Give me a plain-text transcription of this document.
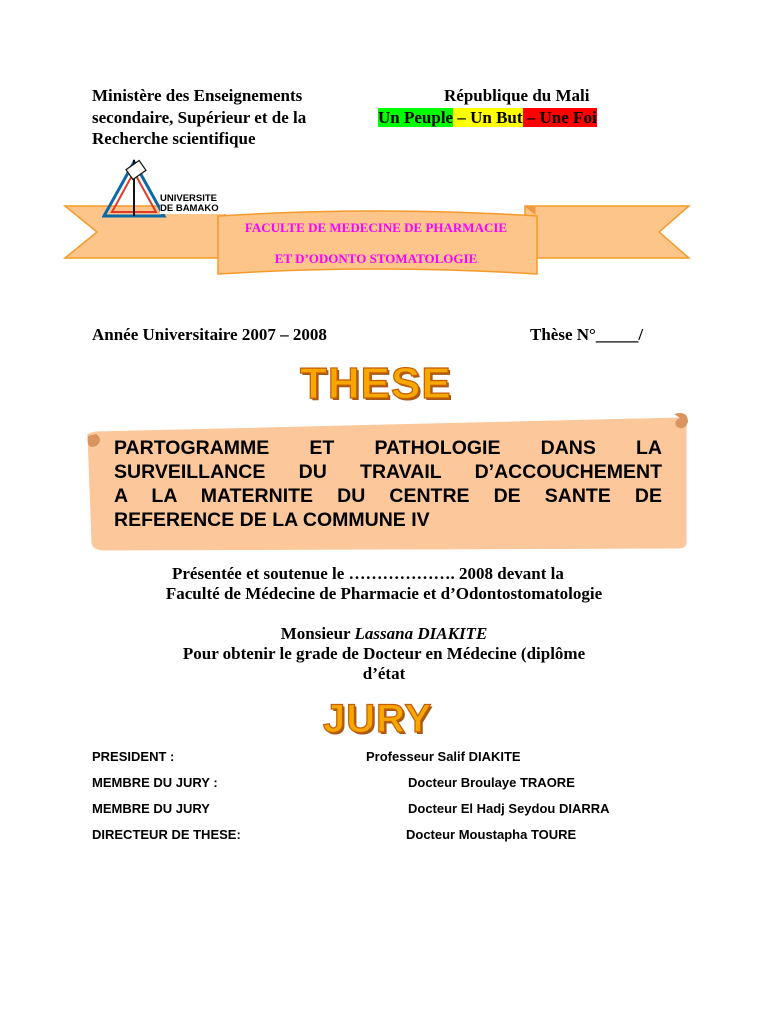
Ministère des Enseignements	République du Mali
secondaire, Supérieur et de la	Un Peuple – Un But – Une Foi
Recherche scientifique
UNIVERSITE
DE BAMAKO
FACULTE DE MEDECINE DE PHARMACIE
ET D’ODONTO STOMATOLOGIE
Année Universitaire 2007 – 2008	Thèse N°_____/
THESE
PARTOGRAMME ET PATHOLOGIE DANS LA
SURVEILLANCE DU TRAVAIL D’ACCOUCHEMENT
A LA MATERNITE DU CENTRE DE SANTE DE
REFERENCE DE LA COMMUNE IV
Présentée et soutenue le ………………. 2008 devant la
Faculté de Médecine de Pharmacie et d’Odontostomatologie
Monsieur Lassana DIAKITE
Pour obtenir le grade de Docteur en Médecine (diplôme
d’état
JURY
PRESIDENT :	Professeur Salif DIAKITE
MEMBRE DU JURY :	Docteur Broulaye TRAORE
MEMBRE DU JURY	Docteur El Hadj Seydou DIARRA
DIRECTEUR DE THESE:	Docteur Moustapha TOURE
